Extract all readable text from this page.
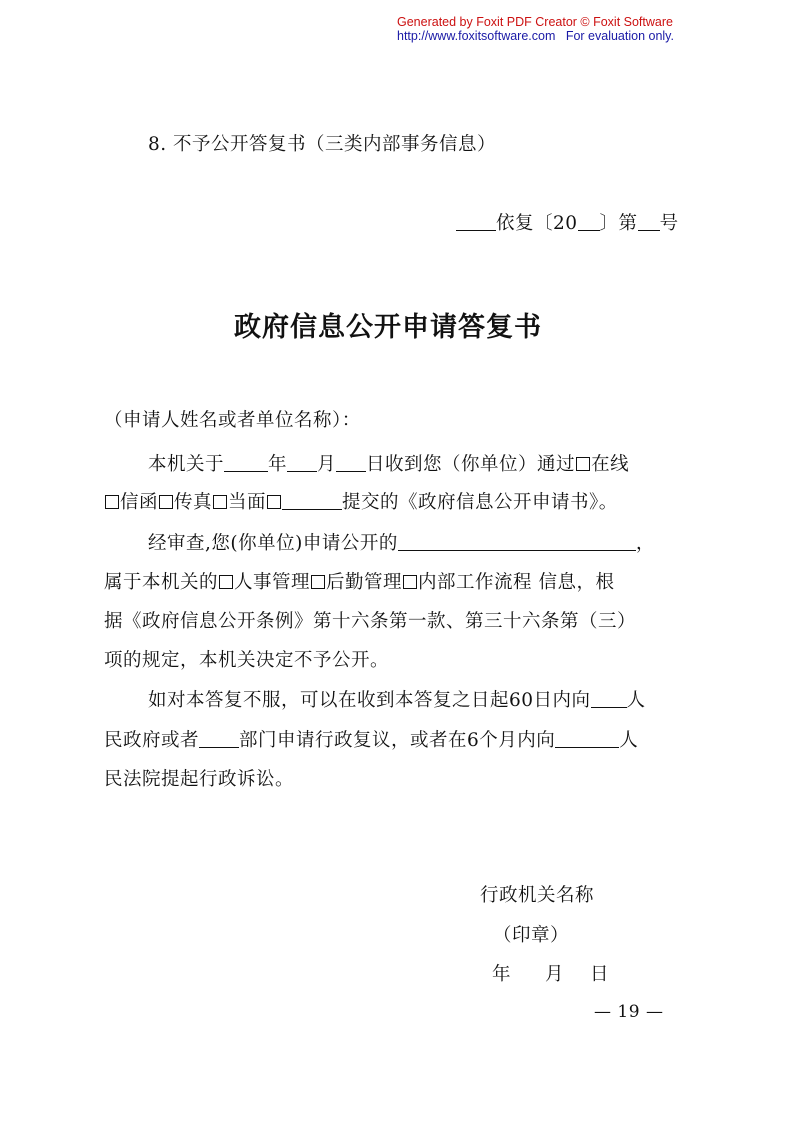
Generated by Foxit PDF Creator © Foxit Software
http://www.foxitsoftware.com For evaluation only.
8. 不予公开答复书（三类内部事务信息）
依复〔20 〕第 号
政府信息公开申请答复书
（申请人姓名或者单位名称）：
本机关于 年 月 日收到您（你单位）通过 在线
信函 传真 当面	提交的《政府信息公开申请书》。
经审查,您(你单位)申请公开的	，
属于本机关的 人事管理 后勤管理 内部工作流程 信息，根
据《政府信息公开条例》第十六条第一款、第三十六条第（三）
项的规定，本机关决定不予公开。
如对本答复不服，可以在收到本答复之日起60日内向 人
民政府或者 部门申请行政复议，或者在6个月内向	人
民法院提起行政诉讼。
行政机关名称
（印章）
年 月 日
— 19 —
